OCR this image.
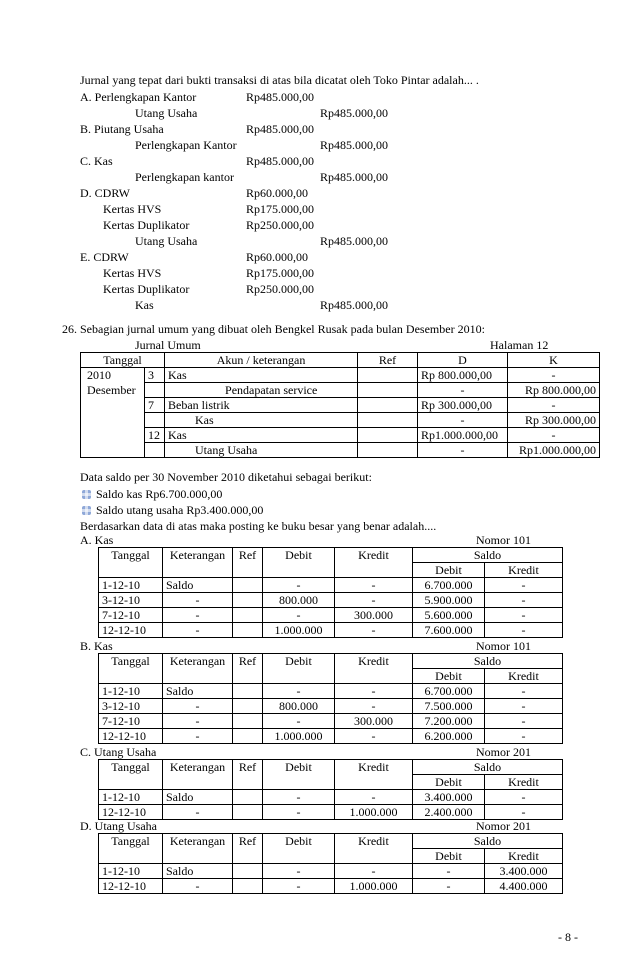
Jurnal yang tepat dari bukti transaksi di atas bila dicatat oleh Toko Pintar adalah... .
A. Perlengkapan Kantor	Rp485.000,00
Utang Usaha	Rp485.000,00
B. Piutang Usaha	Rp485.000,00
Perlengkapan Kantor	Rp485.000,00
C. Kas	Rp485.000,00
Perlengkapan kantor	Rp485.000,00
D. CDRW	Rp60.000,00
Kertas HVS	Rp175.000,00
Kertas Duplikator	Rp250.000,00
Utang Usaha	Rp485.000,00
E. CDRW	Rp60.000,00
Kertas HVS	Rp175.000,00
Kertas Duplikator	Rp250.000,00
Kas	Rp485.000,00
26. Sebagian jurnal umum yang dibuat oleh Bengkel Rusak pada bulan Desember 2010:
Jurnal Umum	Halaman 12
Tanggal		Akun / keterangan	Ref	D	K
2010	3	Kas		Rp 800.000,00	-
Desember		Pendapatan service		-	Rp 800.000,00
	7	Beban listrik		Rp 300.000,00	-
		Kas		-	Rp 300.000,00
	12	Kas		Rp1.000.000,00	-
		Utang Usaha		-	Rp1.000.000,00
Data saldo per 30 November 2010 diketahui sebagai berikut:
Saldo kas Rp6.700.000,00
Saldo utang usaha Rp3.400.000,00
Berdasarkan data di atas maka posting ke buku besar yang benar adalah....
A. Kas	Nomor 101
Tanggal	Keterangan	Ref	Debit	Kredit	Saldo	
					Debit	Kredit
1-12-10	Saldo		-	-	6.700.000	-
3-12-10	-		800.000	-	5.900.000	-
7-12-10	-		-	300.000	5.600.000	-
12-12-10	-		1.000.000	-	7.600.000	-
B. Kas	Nomor 101
Tanggal	Keterangan	Ref	Debit	Kredit	Saldo	
					Debit	Kredit
1-12-10	Saldo		-	-	6.700.000	-
3-12-10	-		800.000	-	7.500.000	-
7-12-10	-		-	300.000	7.200.000	-
12-12-10	-		1.000.000	-	6.200.000	-
C. Utang Usaha	Nomor 201
Tanggal	Keterangan	Ref	Debit	Kredit	Saldo	
					Debit	Kredit
1-12-10	Saldo		-	-	3.400.000	-
12-12-10	-		-	1.000.000	2.400.000	-
D. Utang Usaha	Nomor 201
Tanggal	Keterangan	Ref	Debit	Kredit	Saldo	
					Debit	Kredit
1-12-10	Saldo		-	-	-	3.400.000
12-12-10	-		-	1.000.000	-	4.400.000
- 8 -
